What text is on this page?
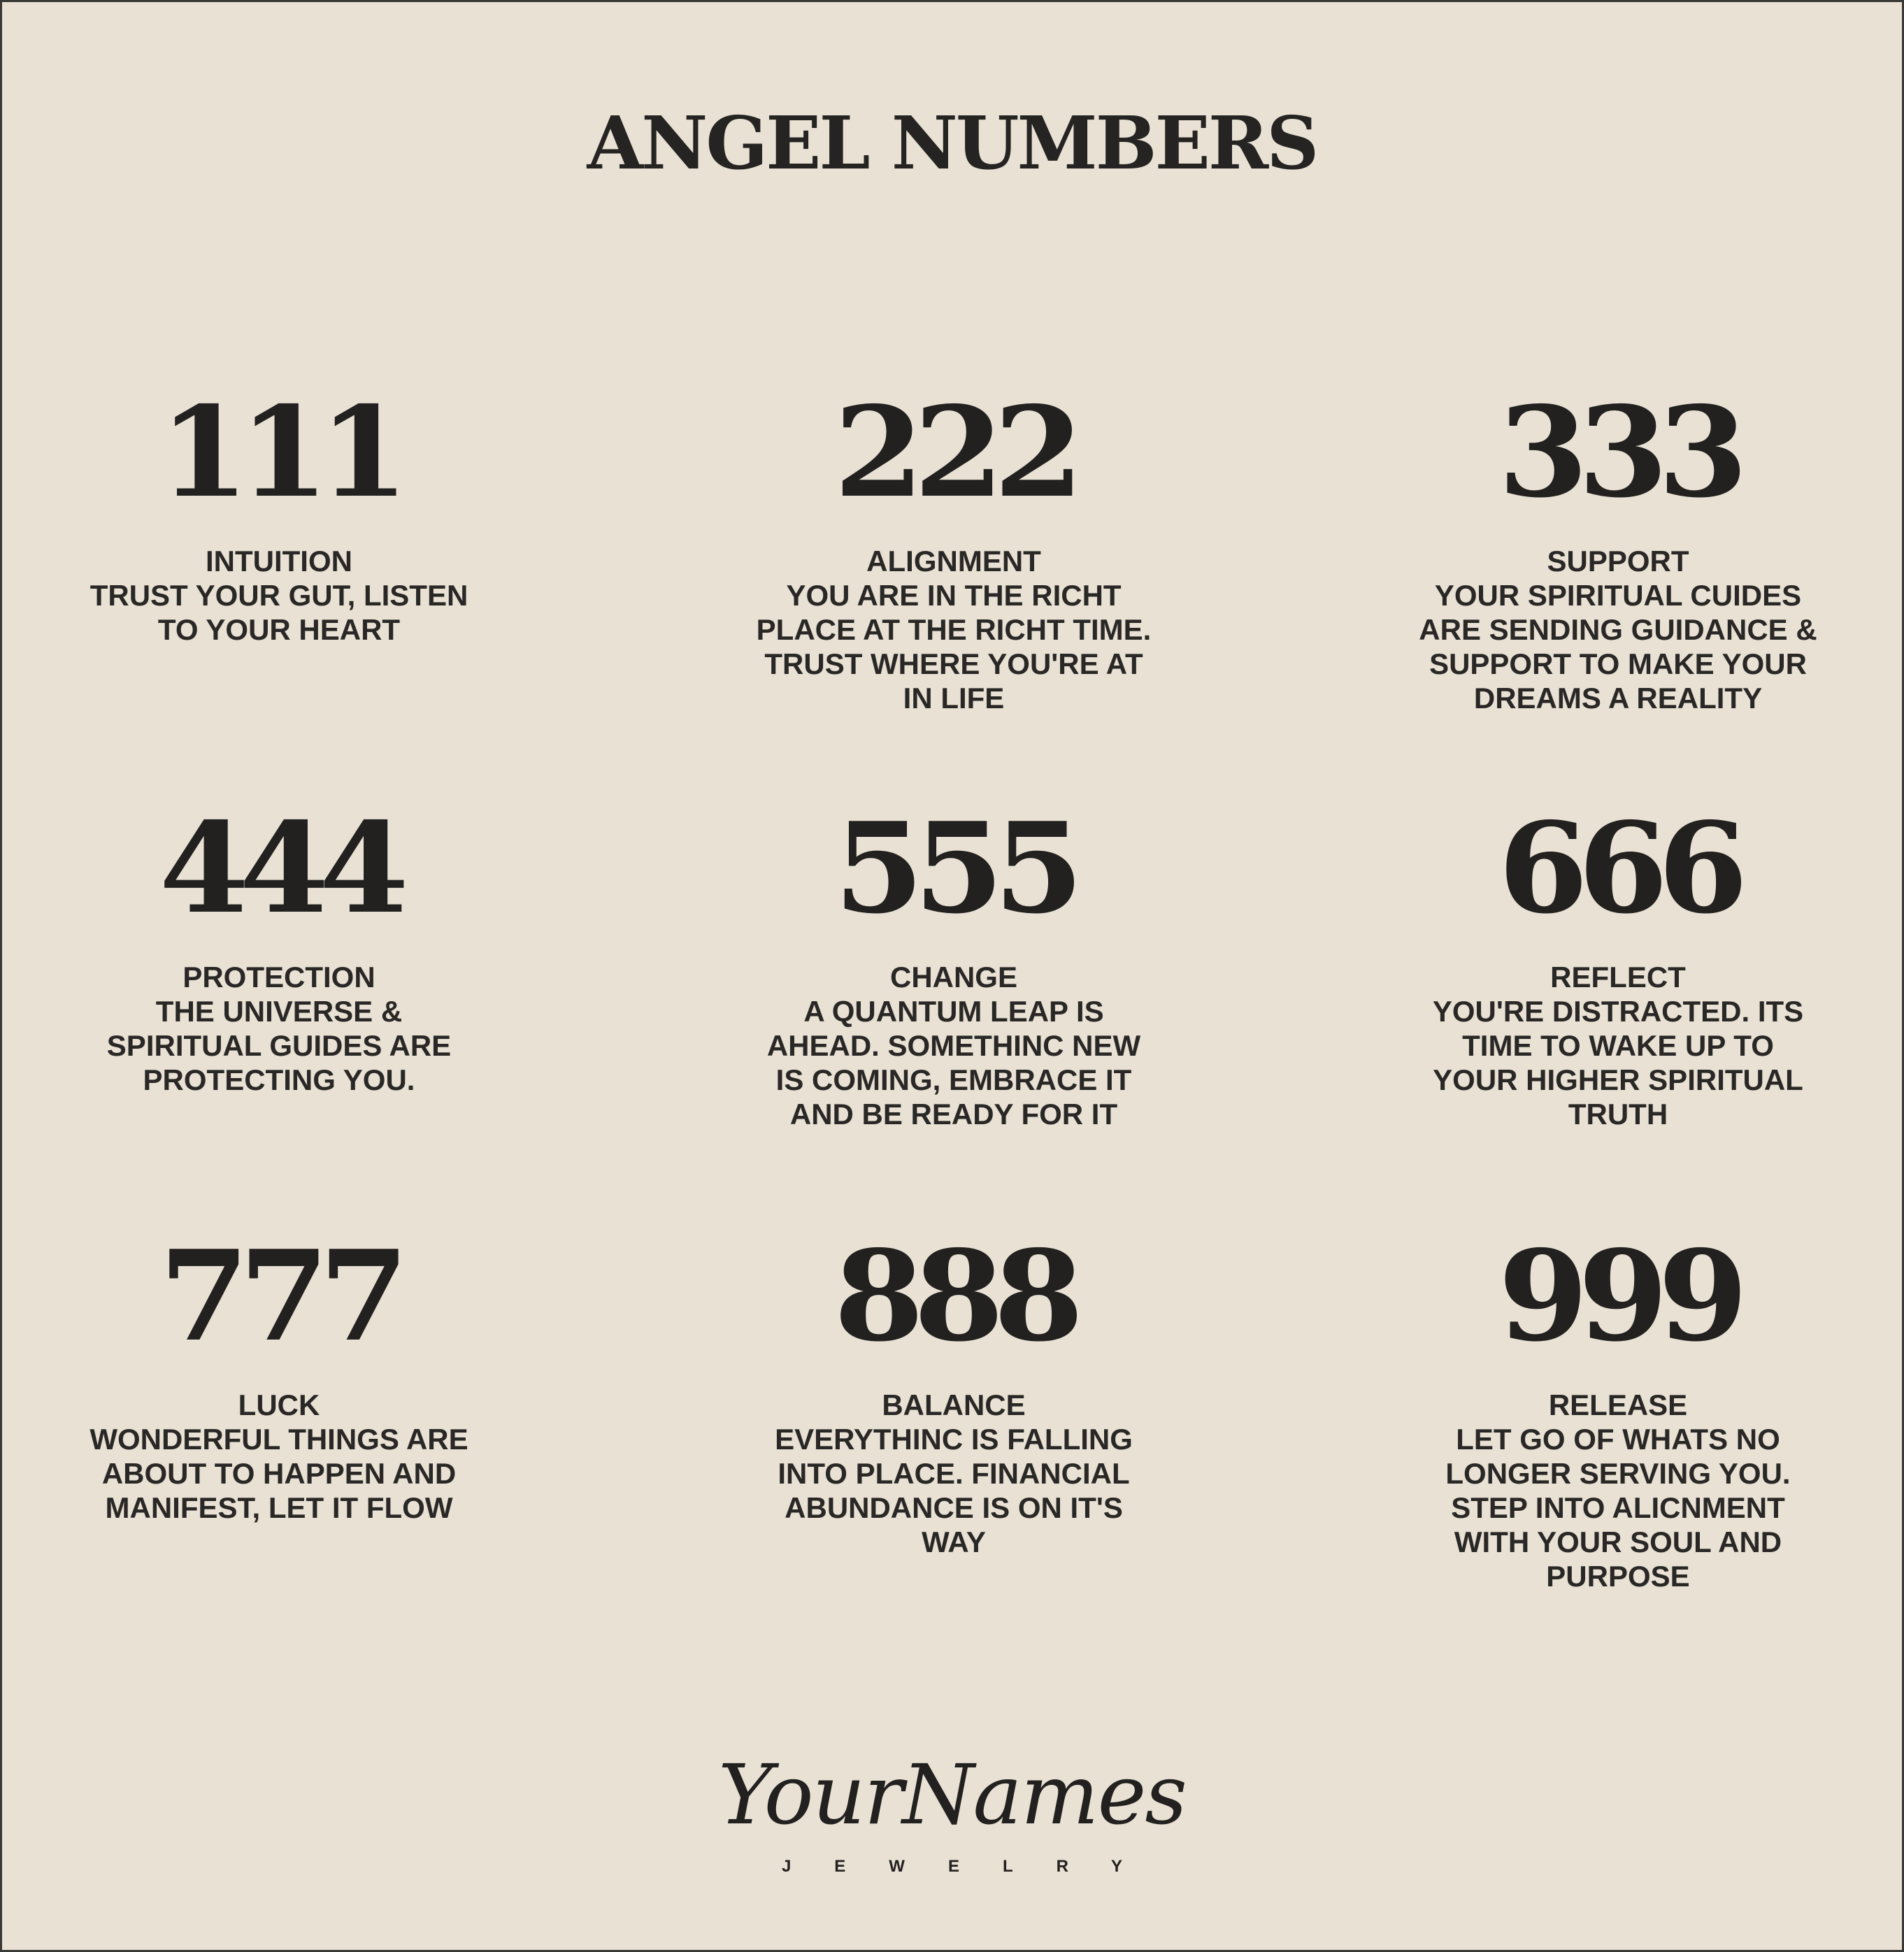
ANGEL NUMBERS
111
INTUITION
TRUST YOUR GUT, LISTEN
TO YOUR HEART
222
ALIGNMENT
YOU ARE IN THE RICHT
PLACE AT THE RICHT TIME.
TRUST WHERE YOU'RE AT
IN LIFE
333
SUPPORT
YOUR SPIRITUAL CUIDES
ARE SENDING GUIDANCE &
SUPPORT TO MAKE YOUR
DREAMS A REALITY
444
PROTECTION
THE UNIVERSE &
SPIRITUAL GUIDES ARE
PROTECTING YOU.
555
CHANGE
A QUANTUM LEAP IS
AHEAD. SOMETHINC NEW
IS COMING, EMBRACE IT
AND BE READY FOR IT
666
REFLECT
YOU'RE DISTRACTED. ITS
TIME TO WAKE UP TO
YOUR HIGHER SPIRITUAL
TRUTH
777
LUCK
WONDERFUL THINGS ARE
ABOUT TO HAPPEN AND
MANIFEST, LET IT FLOW
888
BALANCE
EVERYTHINC IS FALLING
INTO PLACE. FINANCIAL
ABUNDANCE IS ON IT'S
WAY
999
RELEASE
LET GO OF WHATS NO
LONGER SERVING YOU.
STEP INTO ALICNMENT
WITH YOUR SOUL AND
PURPOSE
YourNames
JEWELRY
